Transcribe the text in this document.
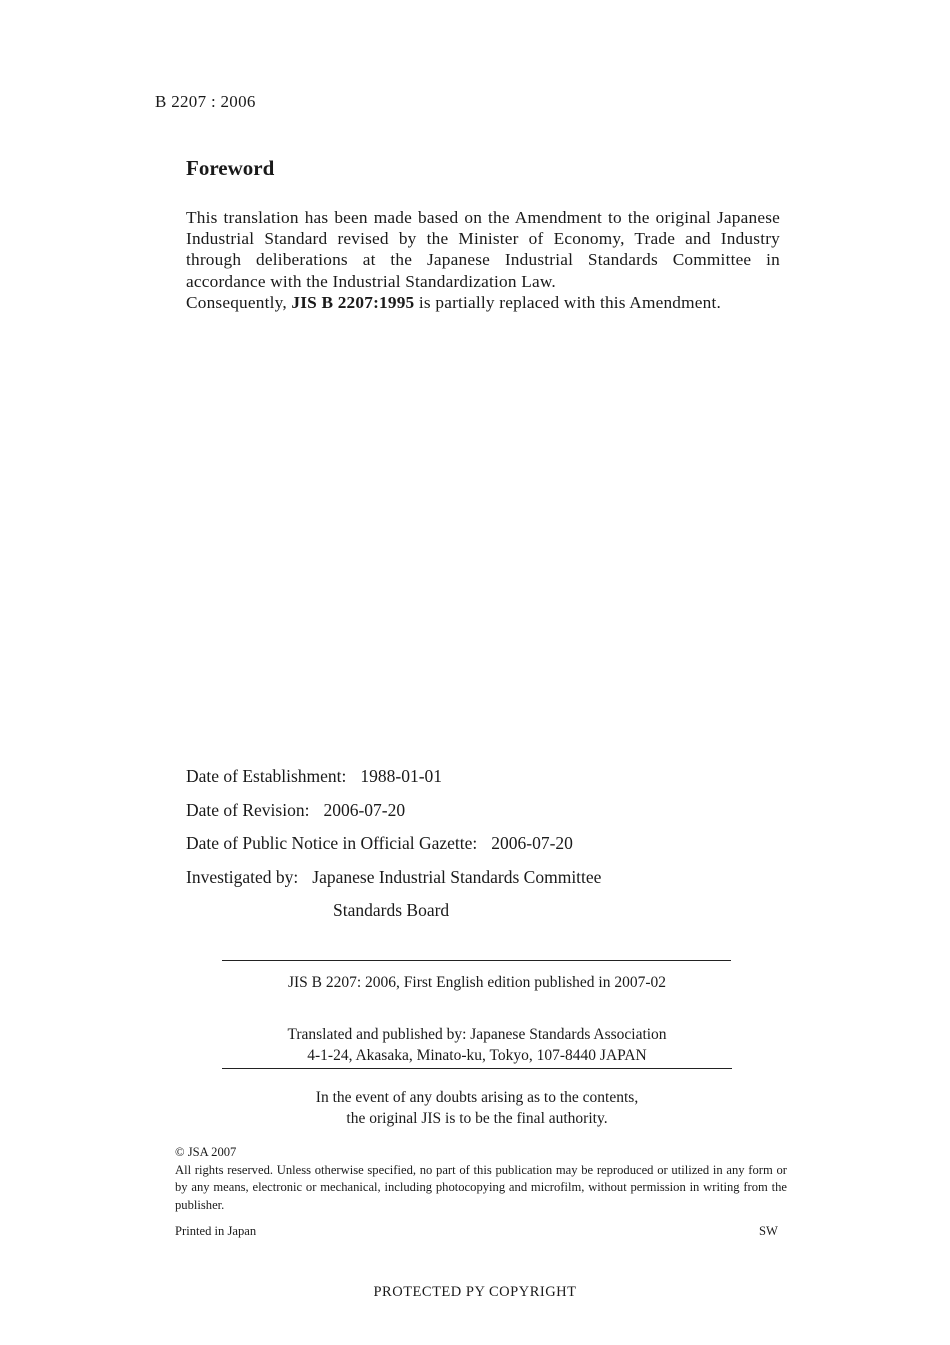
B 2207 : 2006
Foreword

This translation has been made based on the Amendment to the original Japanese Industrial Standard revised by the Minister of Economy, Trade and Industry through deliberations at the Japanese Industrial Standards Committee in accordance with the Industrial Standardization Law.

Consequently, JIS B 2207:1995 is partially replaced with this Amendment.

Date of Establishment: 1988-01-01
Date of Revision: 2006-07-20
Date of Public Notice in Official Gazette: 2006-07-20
Investigated by: Japanese Industrial Standards Committee
Standards Board
JIS B 2207: 2006, First English edition published in 2007-02
Translated and published by: Japanese Standards Association
4-1-24, Akasaka, Minato-ku, Tokyo, 107-8440 JAPAN
In the event of any doubts arising as to the contents,
the original JIS is to be the final authority.
© JSA 2007
All rights reserved. Unless otherwise specified, no part of this publication may be reproduced or utilized in any form or by any means, electronic or mechanical, including photocopying and microfilm, without permission in writing from the publisher.
Printed in Japan	SW
PROTECTED PY COPYRIGHT
